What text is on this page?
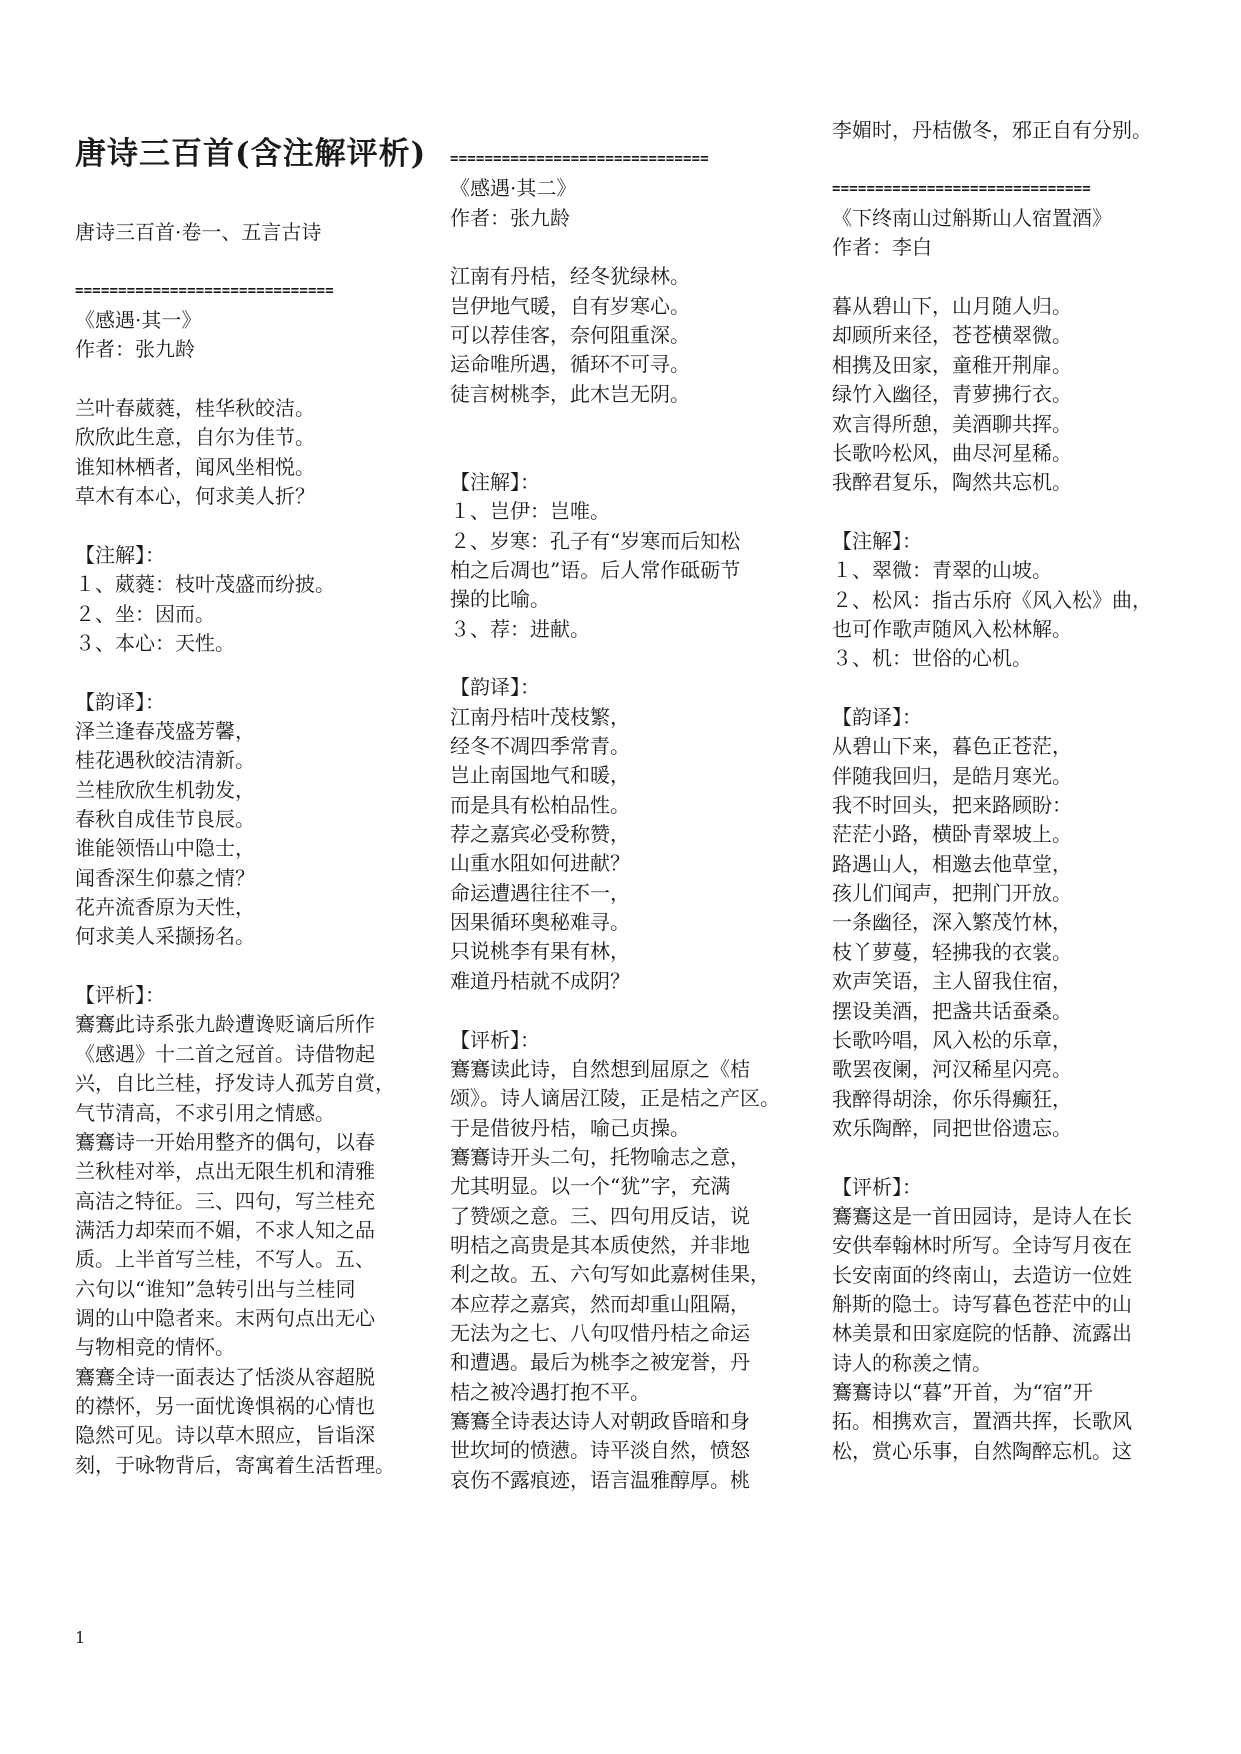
唐诗三百首(含注解评析)
唐诗三百首·卷一、五言古诗
==============================
《感遇·其一》
作者：张九龄
兰叶春葳蕤，桂华秋皎洁。
欣欣此生意，自尔为佳节。
谁知林栖者，闻风坐相悦。
草木有本心，何求美人折？
【注解】：
１、葳蕤：枝叶茂盛而纷披。
２、坐：因而。
３、本心：天性。
【韵译】：
泽兰逢春茂盛芳馨，
桂花遇秋皎洁清新。
兰桂欣欣生机勃发，
春秋自成佳节良辰。
谁能领悟山中隐士，
闻香深生仰慕之情？
花卉流香原为天性，
何求美人采撷扬名。
【评析】：
鶱鶱此诗系张九龄遭谗贬谪后所作
《感遇》十二首之冠首。诗借物起
兴，自比兰桂，抒发诗人孤芳自赏，
气节清高，不求引用之情感。
鶱鶱诗一开始用整齐的偶句，以春
兰秋桂对举，点出无限生机和清雅
高洁之特征。三、四句，写兰桂充
满活力却荣而不媚，不求人知之品
质。上半首写兰桂，不写人。五、
六句以“谁知”急转引出与兰桂同
调的山中隐者来。末两句点出无心
与物相竞的情怀。
鶱鶱全诗一面表达了恬淡从容超脱
的襟怀，另一面忧谗惧祸的心情也
隐然可见。诗以草木照应，旨诣深
刻，于咏物背后，寄寓着生活哲理。
==============================
《感遇·其二》
作者：张九龄
江南有丹桔，经冬犹绿林。
岂伊地气暖，自有岁寒心。
可以荐佳客，奈何阻重深。
运命唯所遇，循环不可寻。
徒言树桃李，此木岂无阴。
【注解】：
１、岂伊：岂唯。
２、岁寒：孔子有“岁寒而后知松
柏之后凋也”语。后人常作砥砺节
操的比喻。
３、荐：进献。
【韵译】：
江南丹桔叶茂枝繁，
经冬不凋四季常青。
岂止南国地气和暖，
而是具有松柏品性。
荐之嘉宾必受称赞，
山重水阻如何进献？
命运遭遇往往不一，
因果循环奥秘难寻。
只说桃李有果有林，
难道丹桔就不成阴？
【评析】：
鶱鶱读此诗，自然想到屈原之《桔
颂》。诗人谪居江陵，正是桔之产区。
于是借彼丹桔，喻己贞操。
鶱鶱诗开头二句，托物喻志之意，
尤其明显。以一个“犹”字，充满
了赞颂之意。三、四句用反诘，说
明桔之高贵是其本质使然，并非地
利之故。五、六句写如此嘉树佳果，
本应荐之嘉宾，然而却重山阻隔，
无法为之七、八句叹惜丹桔之命运
和遭遇。最后为桃李之被宠誉，丹
桔之被冷遇打抱不平。
鶱鶱全诗表达诗人对朝政昏暗和身
世坎坷的愤懑。诗平淡自然，愤怒
哀伤不露痕迹，语言温雅醇厚。桃
李媚时，丹桔傲冬，邪正自有分别。
==============================
《下终南山过斛斯山人宿置酒》
作者：李白
暮从碧山下，山月随人归。
却顾所来径，苍苍横翠微。
相携及田家，童稚开荆扉。
绿竹入幽径，青萝拂行衣。
欢言得所憩，美酒聊共挥。
长歌吟松风，曲尽河星稀。
我醉君复乐，陶然共忘机。
【注解】：
１、翠微：青翠的山坡。
２、松风：指古乐府《风入松》曲，
也可作歌声随风入松林解。
３、机：世俗的心机。
【韵译】：
从碧山下来，暮色正苍茫，
伴随我回归，是皓月寒光。
我不时回头，把来路顾盼：
茫茫小路，横卧青翠坡上。
路遇山人，相邀去他草堂，
孩儿们闻声，把荆门开放。
一条幽径，深入繁茂竹林，
枝丫萝蔓，轻拂我的衣裳。
欢声笑语，主人留我住宿，
摆设美酒，把盏共话蚕桑。
长歌吟唱，风入松的乐章，
歌罢夜阑，河汉稀星闪亮。
我醉得胡涂，你乐得癫狂，
欢乐陶醉，同把世俗遗忘。
【评析】：
鶱鶱这是一首田园诗，是诗人在长
安供奉翰林时所写。全诗写月夜在
长安南面的终南山，去造访一位姓
斛斯的隐士。诗写暮色苍茫中的山
林美景和田家庭院的恬静、流露出
诗人的称羡之情。
鶱鶱诗以“暮”开首，为“宿”开
拓。相携欢言，置酒共挥，长歌风
松，赏心乐事，自然陶醉忘机。这
1
